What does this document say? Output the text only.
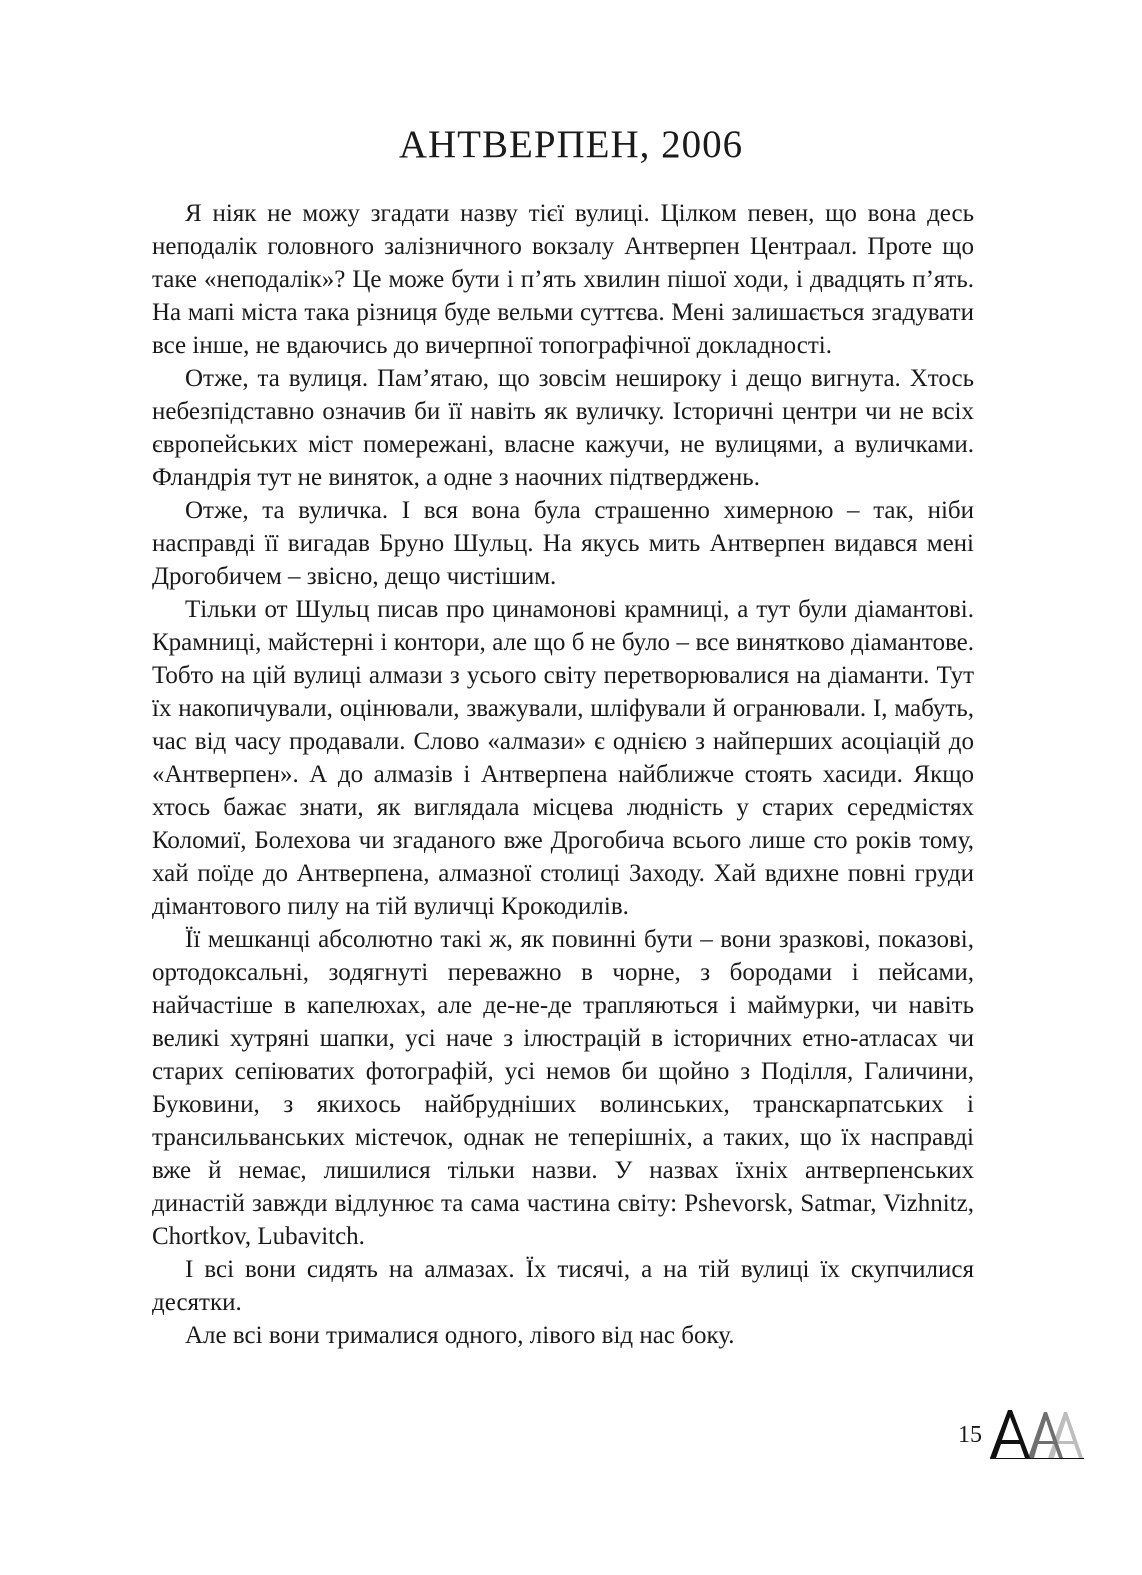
АНТВЕРПЕН, 2006

Я ніяк не можу згадати назву тієї вулиці. Цілком певен, що вона десь неподалік головного залізничного вокзалу Антверпен Центраал. Проте що таке «неподалік»? Це може бути і п’ять хвилин пішої ходи, і двадцять п’ять. На мапі міста така різниця буде вельми суттєва. Мені залишається згадувати все інше, не вдаючись до вичерпної топографічної докладності.

Отже, та вулиця. Пам’ятаю, що зовсім нешироку і дещо вигнута. Хтось небезпідставно означив би її навіть як вуличку. Історичні центри чи не всіх європейських міст помережані, власне кажучи, не вулицями, а вуличками. Фландрія тут не виняток, а одне з наочних підтверджень.

Отже, та вуличка. І вся вона була страшенно химерною – так, ніби насправді її вигадав Бруно Шульц. На якусь мить Антверпен видався мені Дрогобичем – звісно, дещо чистішим.

Тільки от Шульц писав про цинамонові крамниці, а тут були діамантові. Крамниці, майстерні і контори, але що б не було – все винятково діамантове. Тобто на цій вулиці алмази з усього світу перетворювалися на діаманти. Тут їх накопичували, оцінювали, зважували, шліфували й огранювали. І, мабуть, час від часу продавали. Слово «алмази» є однією з найперших асоціацій до «Антверпен». А до алмазів і Антверпена найближче стоять хасиди. Якщо хтось бажає знати, як виглядала місцева людність у старих середмістях Коломиї, Болехова чи згаданого вже Дрогобича всього лише сто років тому, хай поїде до Антверпена, алмазної столиці Заходу. Хай вдихне повні груди дімантового пилу на тій вуличці Крокодилів.

Її мешканці абсолютно такі ж, як повинні бути – вони зразкові, показові, ортодоксальні, зодягнуті переважно в чорне, з бородами і пейсами, найчастіше в капелюхах, але де-не-де трапляються і маймурки, чи навіть великі хутряні шапки, усі наче з ілюстрацій в історичних етно-атласах чи старих сепіюватих фотографій, усі немов би щойно з Поділля, Галичини, Буковини, з якихось найбрудніших волинських, транскарпатських і трансильванських містечок, однак не теперішніх, а таких, що їх насправді вже й немає, лишилися тільки назви. У назвах їхніх антверпенських династій завжди відлунює та сама частина світу: Pshevorsk, Satmar, Vizhnitz, Chortkov, Lubavitch.

І всі вони сидять на алмазах. Їх тисячі, а на тій вулиці їх скупчилися десятки.

Але всі вони трималися одного, лівого від нас боку.

15
